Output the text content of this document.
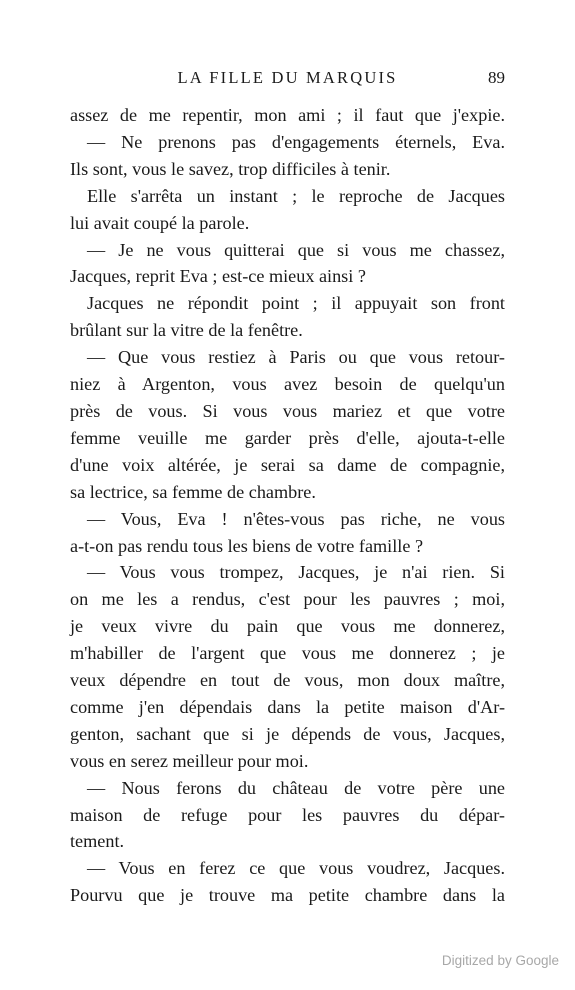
LA FILLE DU MARQUIS	89
assez de me repentir, mon ami ; il faut que j'expie.
— Ne prenons pas d'engagements éternels, Eva.
Ils sont, vous le savez, trop difficiles à tenir.
Elle s'arrêta un instant ; le reproche de Jacques
lui avait coupé la parole.
— Je ne vous quitterai que si vous me chassez,
Jacques, reprit Eva ; est-ce mieux ainsi ?
Jacques ne répondit point ; il appuyait son front
brûlant sur la vitre de la fenêtre.
— Que vous restiez à Paris ou que vous retour-
niez à Argenton, vous avez besoin de quelqu'un
près de vous. Si vous vous mariez et que votre
femme veuille me garder près d'elle, ajouta-t-elle
d'une voix altérée, je serai sa dame de compagnie,
sa lectrice, sa femme de chambre.
— Vous, Eva ! n'êtes-vous pas riche, ne vous
a-t-on pas rendu tous les biens de votre famille ?
— Vous vous trompez, Jacques, je n'ai rien. Si
on me les a rendus, c'est pour les pauvres ; moi,
je veux vivre du pain que vous me donnerez,
m'habiller de l'argent que vous me donnerez ; je
veux dépendre en tout de vous, mon doux maître,
comme j'en dépendais dans la petite maison d'Ar-
genton, sachant que si je dépends de vous, Jacques,
vous en serez meilleur pour moi.
— Nous ferons du château de votre père une
maison de refuge pour les pauvres du dépar-
tement.
— Vous en ferez ce que vous voudrez, Jacques.
Pourvu que je trouve ma petite chambre dans la
Digitized by Google
